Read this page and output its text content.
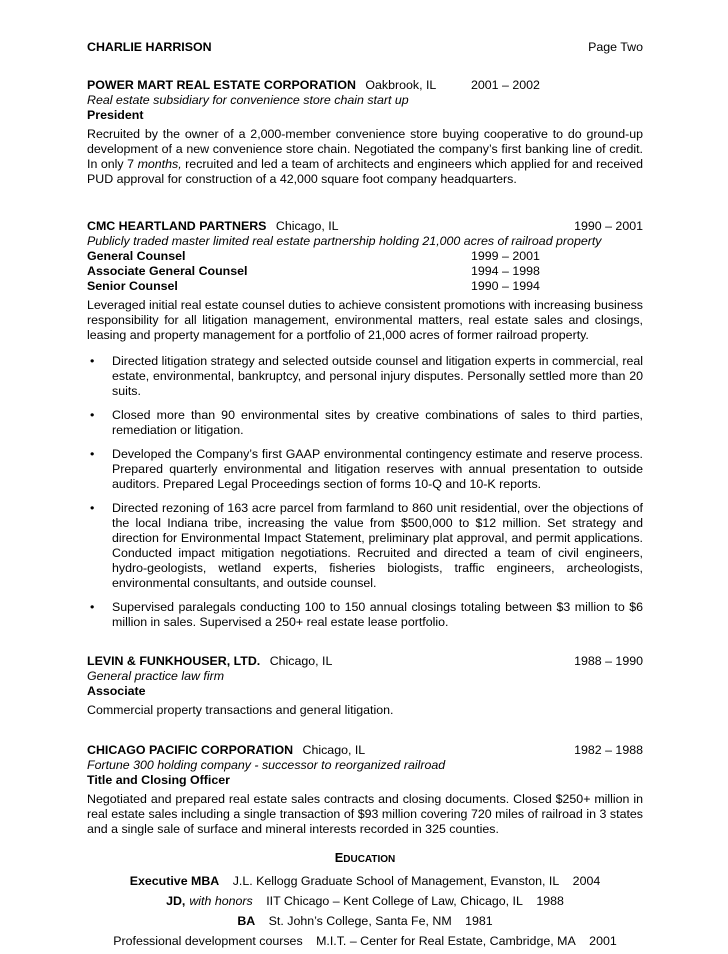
CHARLIE HARRISON	Page Two
POWER MART REAL ESTATE CORPORATION Oakbrook, IL	2001 – 2002
Real estate subsidiary for convenience store chain start up
President
Recruited by the owner of a 2,000-member convenience store buying cooperative to do ground-up development of a new convenience store chain. Negotiated the company’s first banking line of credit. In only 7 months, recruited and led a team of architects and engineers which applied for and received PUD approval for construction of a 42,000 square foot company headquarters.
CMC HEARTLAND PARTNERS Chicago, IL	1990 – 2001
Publicly traded master limited real estate partnership holding 21,000 acres of railroad property
General Counsel	1999 – 2001
Associate General Counsel	1994 – 1998
Senior Counsel	1990 – 1994
Leveraged initial real estate counsel duties to achieve consistent promotions with increasing business responsibility for all litigation management, environmental matters, real estate sales and closings, leasing and property management for a portfolio of 21,000 acres of former railroad property.
• Directed litigation strategy and selected outside counsel and litigation experts in commercial, real estate, environmental, bankruptcy, and personal injury disputes. Personally settled more than 20 suits.
• Closed more than 90 environmental sites by creative combinations of sales to third parties, remediation or litigation.
• Developed the Company’s first GAAP environmental contingency estimate and reserve process. Prepared quarterly environmental and litigation reserves with annual presentation to outside auditors. Prepared Legal Proceedings section of forms 10-Q and 10-K reports.
• Directed rezoning of 163 acre parcel from farmland to 860 unit residential, over the objections of the local Indiana tribe, increasing the value from $500,000 to $12 million. Set strategy and direction for Environmental Impact Statement, preliminary plat approval, and permit applications. Conducted impact mitigation negotiations. Recruited and directed a team of civil engineers, hydro-geologists, wetland experts, fisheries biologists, traffic engineers, archeologists, environmental consultants, and outside counsel.
• Supervised paralegals conducting 100 to 150 annual closings totaling between $3 million to $6 million in sales. Supervised a 250+ real estate lease portfolio.
LEVIN & FUNKHOUSER, LTD. Chicago, IL	1988 – 1990
General practice law firm
Associate
Commercial property transactions and general litigation.
CHICAGO PACIFIC CORPORATION Chicago, IL	1982 – 1988
Fortune 300 holding company - successor to reorganized railroad
Title and Closing Officer
Negotiated and prepared real estate sales contracts and closing documents. Closed $250+ million in real estate sales including a single transaction of $93 million covering 720 miles of railroad in 3 states and a single sale of surface and mineral interests recorded in 325 counties.
EDUCATION
Executive MBA J.L. Kellogg Graduate School of Management, Evanston, IL 2004
JD, with honors IIT Chicago – Kent College of Law, Chicago, IL 1988
BA St. John’s College, Santa Fe, NM 1981
Professional development courses M.I.T. – Center for Real Estate, Cambridge, MA 2001
